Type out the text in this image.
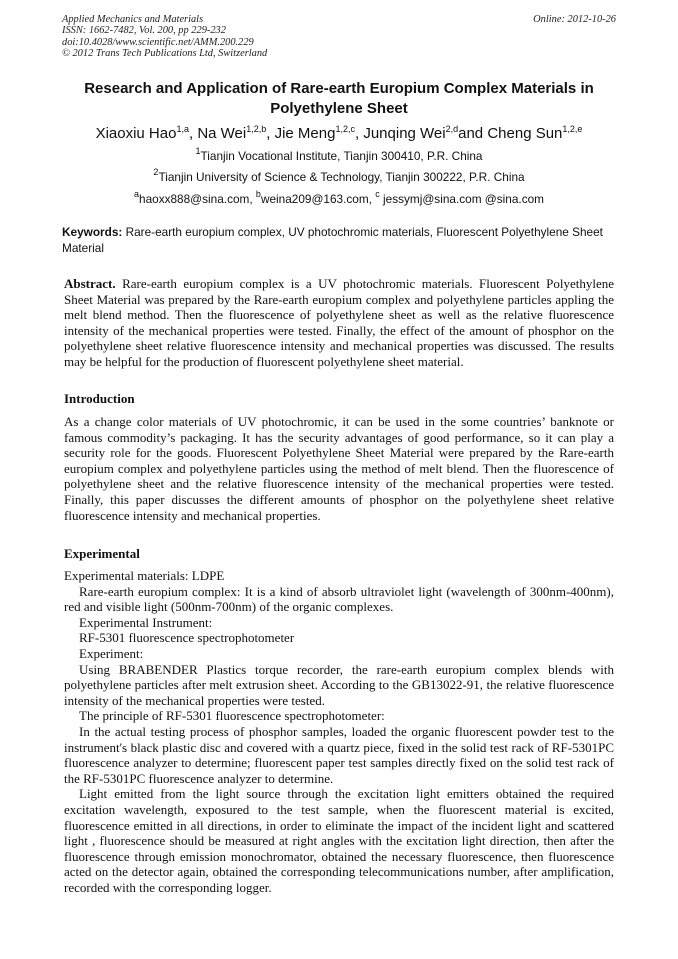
Applied Mechanics and Materials
ISSN: 1662-7482, Vol. 200, pp 229-232
doi:10.4028/www.scientific.net/AMM.200.229
© 2012 Trans Tech Publications Ltd, Switzerland
Online: 2012-10-26
Research and Application of Rare-earth Europium Complex Materials in Polyethylene Sheet
Xiaoxiu Hao$^{1,a}$, Na Wei$^{1,2,b}$, Jie Meng$^{1,2,c}$, Junqing Wei$^{2,d}$and Cheng Sun$^{1,2,e}$
$^1$Tianjin Vocational Institute, Tianjin 300410, P.R. China
$^2$Tianjin University of Science & Technology, Tianjin 300222, P.R. China
$^a$haoxx888@sina.com, $^b$weina209@163.com, $^c$ jessymj@sina.com @sina.com
Keywords: Rare-earth europium complex, UV photochromic materials, Fluorescent Polyethylene Sheet Material
Abstract. Rare-earth europium complex is a UV photochromic materials. Fluorescent Polyethylene Sheet Material was prepared by the Rare-earth europium complex and polyethylene particles appling the melt blend method. Then the fluorescence of polyethylene sheet as well as the relative fluorescence intensity of the mechanical properties were tested. Finally, the effect of the amount of phosphor on the polyethylene sheet relative fluorescence intensity and mechanical properties was discussed. The results may be helpful for the production of fluorescent polyethylene sheet material.
Introduction
As a change color materials of UV photochromic, it can be used in the some countries’ banknote or famous commodity’s packaging. It has the security advantages of good performance, so it can play a security role for the goods. Fluorescent Polyethylene Sheet Material were prepared by the Rare-earth europium complex and polyethylene particles using the method of melt blend. Then the fluorescence of polyethylene sheet and the relative fluorescence intensity of the mechanical properties were tested. Finally, this paper discusses the different amounts of phosphor on the polyethylene sheet relative fluorescence intensity and mechanical properties.
Experimental

Experimental materials: LDPE

Rare-earth europium complex: It is a kind of absorb ultraviolet light (wavelength of 300nm-400nm), red and visible light (500nm-700nm) of the organic complexes.

Experimental Instrument:

RF-5301 fluorescence spectrophotometer

Experiment:

Using BRABENDER Plastics torque recorder, the rare-earth europium complex blends with polyethylene particles after melt extrusion sheet. According to the GB13022-91, the relative fluorescence intensity of the mechanical properties were tested.

The principle of RF-5301 fluorescence spectrophotometer:

In the actual testing process of phosphor samples, loaded the organic fluorescent powder test to the instrument's black plastic disc and covered with a quartz piece, fixed in the solid test rack of RF-5301PC fluorescence analyzer to determine; fluorescent paper test samples directly fixed on the solid test rack of the RF-5301PC fluorescence analyzer to determine.

Light emitted from the light source through the excitation light emitters obtained the required excitation wavelength, exposured to the test sample, when the fluorescent material is excited, fluorescence emitted in all directions, in order to eliminate the impact of the incident light and scattered light , fluorescence should be measured at right angles with the excitation light direction, then after the fluorescence through emission monochromator, obtained the necessary fluorescence, then fluorescence acted on the detector again, obtained the corresponding telecommunications number, after amplification, recorded with the corresponding logger.
